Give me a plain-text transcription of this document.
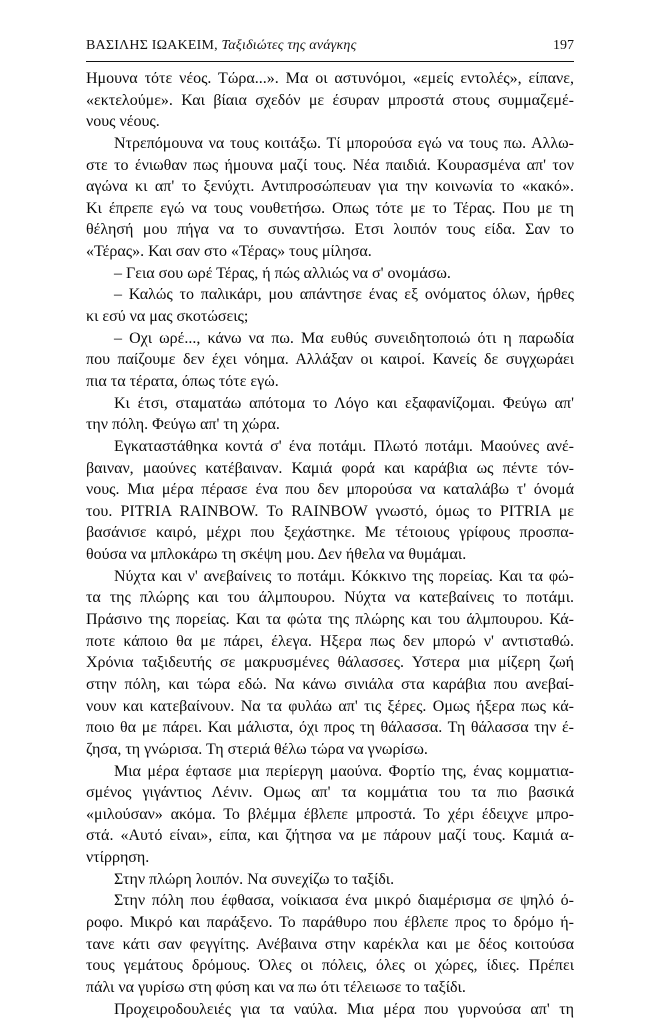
ΒΑΣΙΛΗΣ ΙΩΑΚΕΙΜ, Ταξιδιώτες της ανάγκης	197
Ημουνα τότε νέος. Τώρα...». Μα οι αστυνόμοι, «εμείς εντολές», είπανε,
«εκτελούμε». Και βίαια σχεδόν με έσυραν μπροστά στους συμμαζεμέ-
νους νέους.
Ντρεπόμουνα να τους κοιτάξω. Τί μπορούσα εγώ να τους πω. Αλλω-
στε το ένιωθαν πως ήμουνα μαζί τους. Νέα παιδιά. Κουρασμένα απ' τον
αγώνα κι απ' το ξενύχτι. Αντιπροσώπευαν για την κοινωνία το «κακό».
Κι έπρεπε εγώ να τους νουθετήσω. Οπως τότε με το Τέρας. Που με τη
θέλησή μου πήγα να το συναντήσω. Ετσι λοιπόν τους είδα. Σαν το
«Τέρας». Και σαν στο «Τέρας» τους μίλησα.
– Γεια σου ωρέ Τέρας, ή πώς αλλιώς να σ' ονομάσω.
– Καλώς το παλικάρι, μου απάντησε ένας εξ ονόματος όλων, ήρθες
κι εσύ να μας σκοτώσεις;
– Οχι ωρέ..., κάνω να πω. Μα ευθύς συνειδητοποιώ ότι η παρωδία
που παίζουμε δεν έχει νόημα. Αλλάξαν οι καιροί. Κανείς δε συγχωράει
πια τα τέρατα, όπως τότε εγώ.
Κι έτσι, σταματάω απότομα το Λόγο και εξαφανίζομαι. Φεύγω απ'
την πόλη. Φεύγω απ' τη χώρα.
Εγκαταστάθηκα κοντά σ' ένα ποτάμι. Πλωτό ποτάμι. Μαούνες ανέ-
βαιναν, μαούνες κατέβαιναν. Καμιά φορά και καράβια ως πέντε τόν-
νους. Μια μέρα πέρασε ένα που δεν μπορούσα να καταλάβω τ' όνομά
του. PITRIA RAINBOW. Το RAINBOW γνωστό, όμως το PITRIA με
βασάνισε καιρό, μέχρι που ξεχάστηκε. Με τέτοιους γρίφους προσπα-
θούσα να μπλοκάρω τη σκέψη μου. Δεν ήθελα να θυμάμαι.
Νύχτα και ν' ανεβαίνεις το ποτάμι. Κόκκινο της πορείας. Και τα φώ-
τα της πλώρης και του άλμπουρου. Νύχτα να κατεβαίνεις το ποτάμι.
Πράσινο της πορείας. Και τα φώτα της πλώρης και του άλμπουρου. Κά-
ποτε κάποιο θα με πάρει, έλεγα. Ηξερα πως δεν μπορώ ν' αντισταθώ.
Χρόνια ταξιδευτής σε μακρυσμένες θάλασσες. Υστερα μια μίζερη ζωή
στην πόλη, και τώρα εδώ. Να κάνω σινιάλα στα καράβια που ανεβαί-
νουν και κατεβαίνουν. Να τα φυλάω απ' τις ξέρες. Ομως ήξερα πως κά-
ποιο θα με πάρει. Και μάλιστα, όχι προς τη θάλασσα. Τη θάλασσα την έ-
ζησα, τη γνώρισα. Τη στεριά θέλω τώρα να γνωρίσω.
Μια μέρα έφτασε μια περίεργη μαούνα. Φορτίο της, ένας κομματια-
σμένος γιγάντιος Λένιν. Ομως απ' τα κομμάτια του τα πιο βασικά
«μιλούσαν» ακόμα. Το βλέμμα έβλεπε μπροστά. Το χέρι έδειχνε μπρο-
στά. «Αυτό είναι», είπα, και ζήτησα να με πάρουν μαζί τους. Καμιά α-
ντίρρηση.
Στην πλώρη λοιπόν. Να συνεχίζω το ταξίδι.
Στην πόλη που έφθασα, νοίκιασα ένα μικρό διαμέρισμα σε ψηλό ό-
ροφο. Μικρό και παράξενο. Το παράθυρο που έβλεπε προς το δρόμο ή-
τανε κάτι σαν φεγγίτης. Ανέβαινα στην καρέκλα και με δέος κοιτούσα
τους γεμάτους δρόμους. Όλες οι πόλεις, όλες οι χώρες, ίδιες. Πρέπει
πάλι να γυρίσω στη φύση και να πω ότι τέλειωσε το ταξίδι.
Προχειροδουλειές για τα ναύλα. Μια μέρα που γυρνούσα απ' τη
